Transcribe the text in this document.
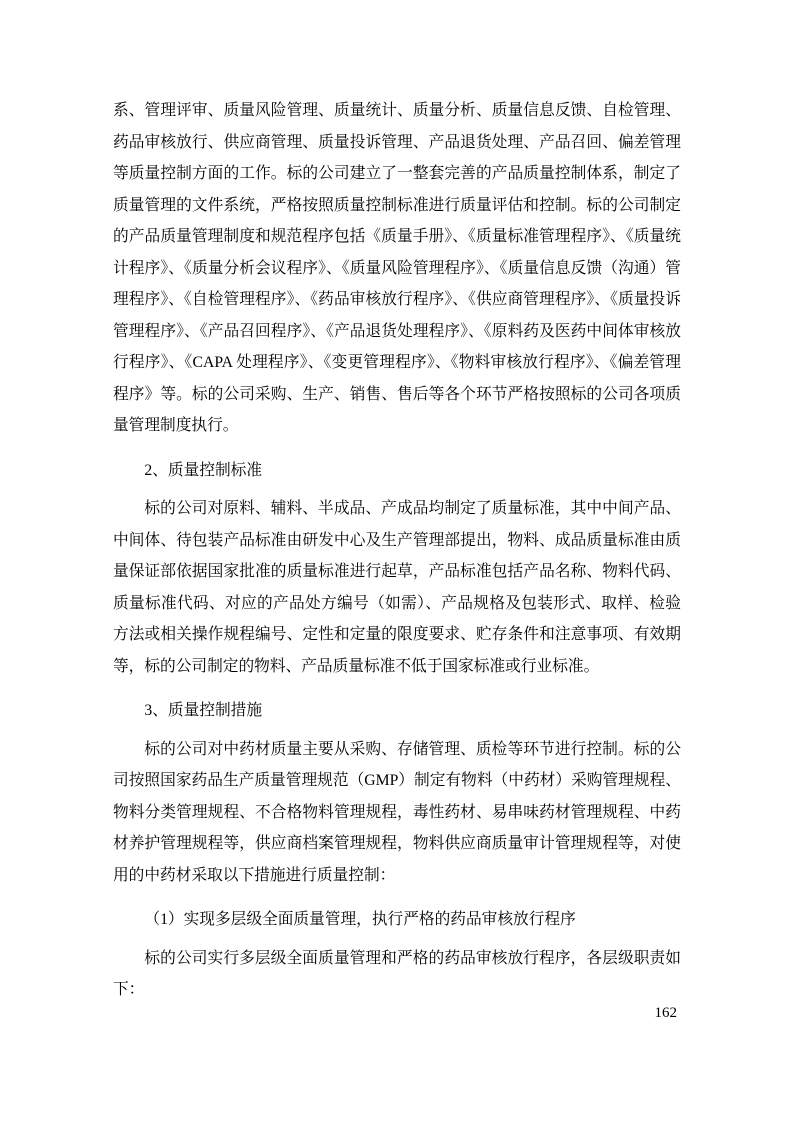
系、管理评审、质量风险管理、质量统计、质量分析、质量信息反馈、自检管理、药品审核放行、供应商管理、质量投诉管理、产品退货处理、产品召回、偏差管理等质量控制方面的工作。标的公司建立了一整套完善的产品质量控制体系，制定了质量管理的文件系统，严格按照质量控制标准进行质量评估和控制。标的公司制定的产品质量管理制度和规范程序包括《质量手册》、《质量标准管理程序》、《质量统计程序》、《质量分析会议程序》、《质量风险管理程序》、《质量信息反馈（沟通）管理程序》、《自检管理程序》、《药品审核放行程序》、《供应商管理程序》、《质量投诉管理程序》、《产品召回程序》、《产品退货处理程序》、《原料药及医药中间体审核放行程序》、《CAPA 处理程序》、《变更管理程序》、《物料审核放行程序》、《偏差管理程序》等。标的公司采购、生产、销售、售后等各个环节严格按照标的公司各项质量管理制度执行。

2、质量控制标准

标的公司对原料、辅料、半成品、产成品均制定了质量标准，其中中间产品、中间体、待包装产品标准由研发中心及生产管理部提出，物料、成品质量标准由质量保证部依据国家批准的质量标准进行起草，产品标准包括产品名称、物料代码、质量标准代码、对应的产品处方编号（如需）、产品规格及包装形式、取样、检验方法或相关操作规程编号、定性和定量的限度要求、贮存条件和注意事项、有效期等，标的公司制定的物料、产品质量标准不低于国家标准或行业标准。

3、质量控制措施

标的公司对中药材质量主要从采购、存储管理、质检等环节进行控制。标的公司按照国家药品生产质量管理规范（GMP）制定有物料（中药材）采购管理规程、物料分类管理规程、不合格物料管理规程，毒性药材、易串味药材管理规程、中药材养护管理规程等，供应商档案管理规程，物料供应商质量审计管理规程等，对使用的中药材采取以下措施进行质量控制：

（1）实现多层级全面质量管理，执行严格的药品审核放行程序

标的公司实行多层级全面质量管理和严格的药品审核放行程序，各层级职责如下：

162
